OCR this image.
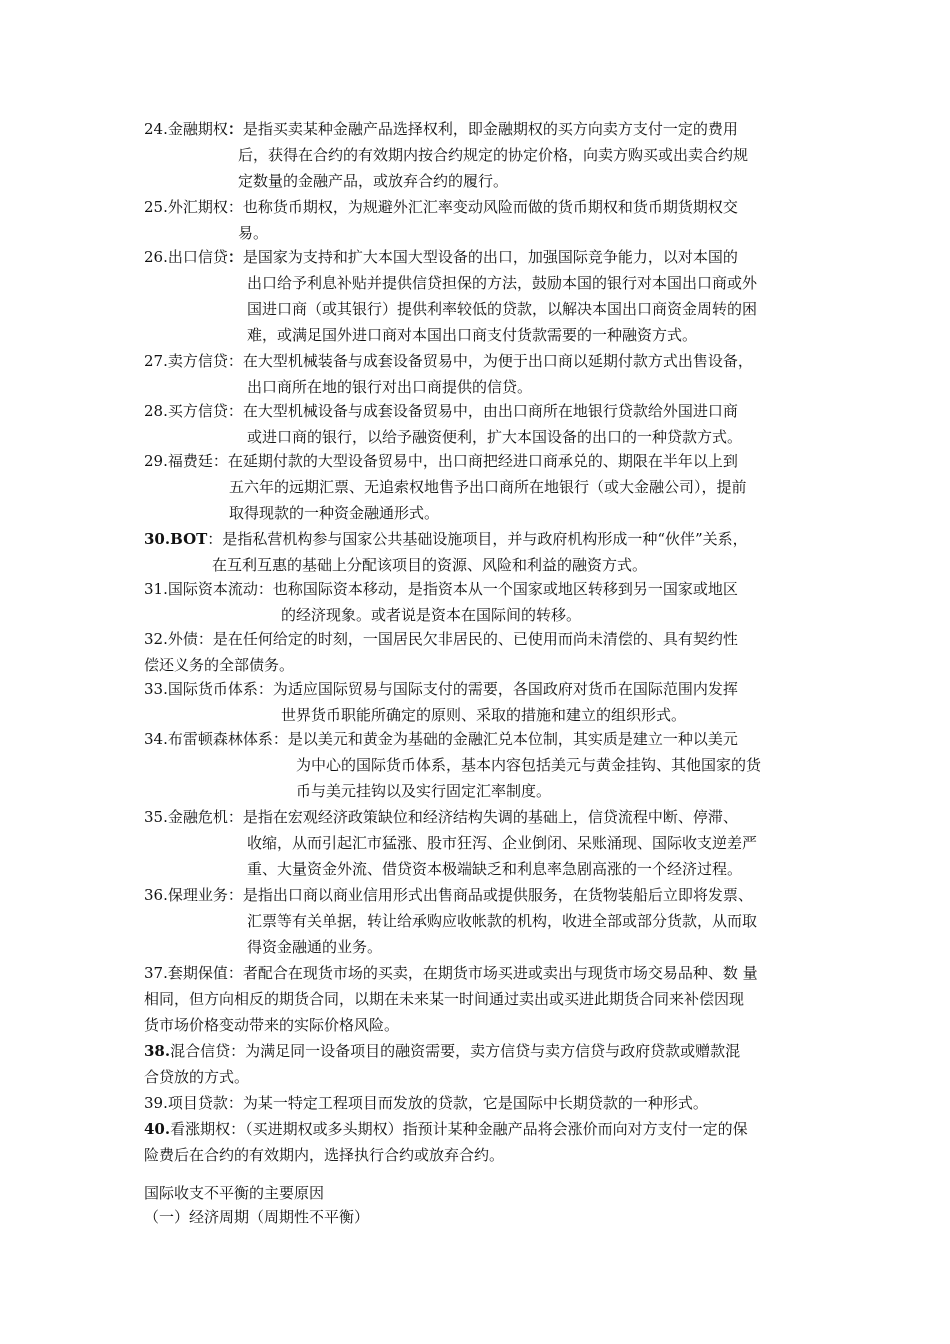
24.金融期权：是指买卖某种金融产品选择权利，即金融期权的买方向卖方支付一定的费用
后，获得在合约的有效期内按合约规定的协定价格，向卖方购买或出卖合约规
定数量的金融产品，或放弃合约的履行。
25.外汇期权：也称货币期权，为规避外汇汇率变动风险而做的货币期权和货币期货期权交
易。
26.出口信贷：是国家为支持和扩大本国大型设备的出口，加强国际竞争能力，以对本国的
出口给予利息补贴并提供信贷担保的方法，鼓励本国的银行对本国出口商或外
国进口商（或其银行）提供利率较低的贷款，以解决本国出口商资金周转的困
难，或满足国外进口商对本国出口商支付货款需要的一种融资方式。
27.卖方信贷：在大型机械装备与成套设备贸易中，为便于出口商以延期付款方式出售设备，
出口商所在地的银行对出口商提供的信贷。
28.买方信贷：在大型机械设备与成套设备贸易中，由出口商所在地银行贷款给外国进口商
或进口商的银行，以给予融资便利，扩大本国设备的出口的一种贷款方式。
29.福费廷：在延期付款的大型设备贸易中，出口商把经进口商承兑的、期限在半年以上到
五六年的远期汇票、无追索权地售予出口商所在地银行（或大金融公司），提前
取得现款的一种资金融通形式。
30.BOT：是指私营机构参与国家公共基础设施项目，并与政府机构形成一种“伙伴”关系，
在互利互惠的基础上分配该项目的资源、风险和利益的融资方式。
31.国际资本流动：也称国际资本移动，是指资本从一个国家或地区转移到另一国家或地区
的经济现象。或者说是资本在国际间的转移。
32.外债：是在任何给定的时刻，一国居民欠非居民的、已使用而尚未清偿的、具有契约性
偿还义务的全部债务。
33.国际货币体系：为适应国际贸易与国际支付的需要，各国政府对货币在国际范围内发挥
世界货币职能所确定的原则、采取的措施和建立的组织形式。
34.布雷顿森林体系：是以美元和黄金为基础的金融汇兑本位制，其实质是建立一种以美元
为中心的国际货币体系，基本内容包括美元与黄金挂钩、其他国家的货
币与美元挂钩以及实行固定汇率制度。
35.金融危机：是指在宏观经济政策缺位和经济结构失调的基础上，信贷流程中断、停滞、
收缩，从而引起汇市猛涨、股市狂泻、企业倒闭、呆账涌现、国际收支逆差严
重、大量资金外流、借贷资本极端缺乏和利息率急剧高涨的一个经济过程。
36.保理业务：是指出口商以商业信用形式出售商品或提供服务，在货物装船后立即将发票、
汇票等有关单据，转让给承购应收帐款的机构，收进全部或部分货款，从而取
得资金融通的业务。
37.套期保值：者配合在现货市场的买卖，在期货市场买进或卖出与现货市场交易品种、数 量
相同，但方向相反的期货合同，以期在未来某一时间通过卖出或买进此期货合同来补偿因现
货市场价格变动带来的实际价格风险。
38.混合信贷：为满足同一设备项目的融资需要，卖方信贷与卖方信贷与政府贷款或赠款混
合贷放的方式。
39.项目贷款：为某一特定工程项目而发放的贷款，它是国际中长期贷款的一种形式。
40.看涨期权：（买进期权或多头期权）指预计某种金融产品将会涨价而向对方支付一定的保
险费后在合约的有效期内，选择执行合约或放弃合约。
国际收支不平衡的主要原因
（一）经济周期（周期性不平衡）
